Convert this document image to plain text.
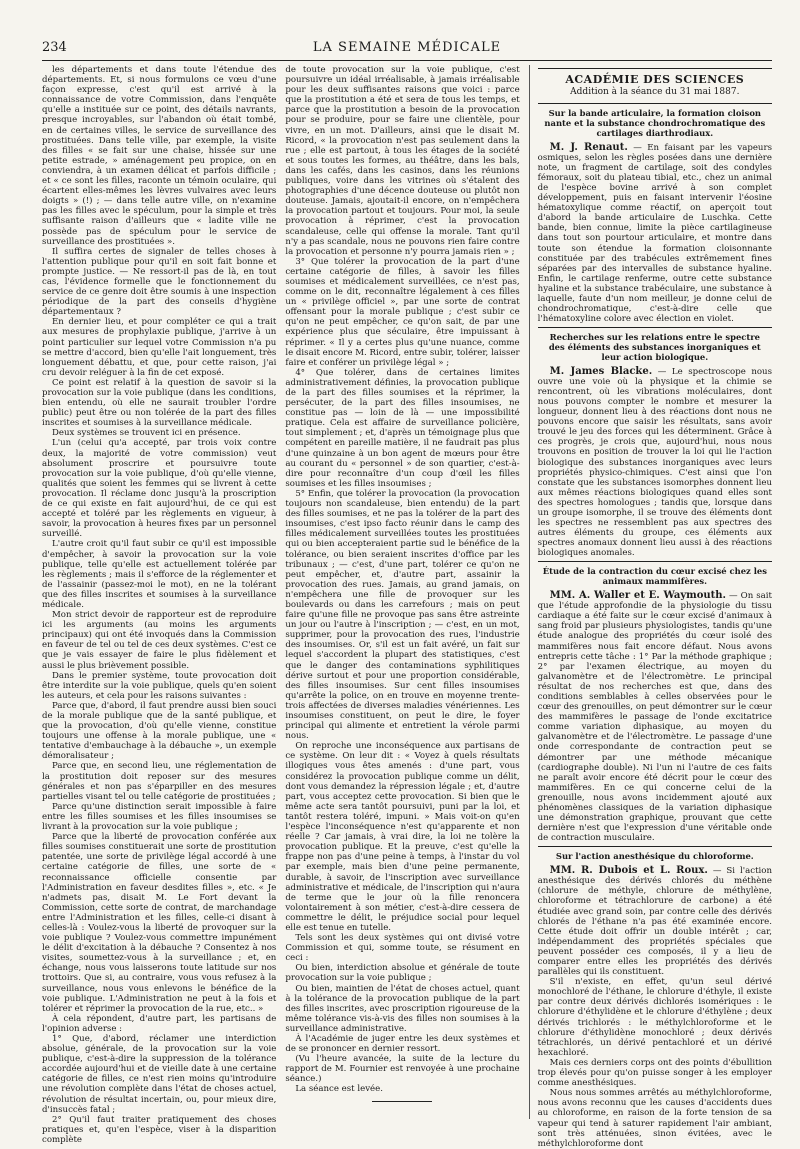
234	LA SEMAINE MÉDICALE

les départements et dans toute l'étendue des départements. Et, si nous formulons ce vœu d'une façon expresse, c'est qu'il est arrivé à la connaissance de votre Commission, dans l'enquête qu'elle a instituée sur ce point, des détails navrants, presque incroyables, sur l'abandon où était tombé, en de certaines villes, le service de surveillance des prostituées. Dans telle ville, par exemple, la visite des filles « se fait sur une chaise, hissée sur une petite estrade, » aménagement peu propice, on en conviendra, à un examen délicat et parfois difficile ; et « ce sont les filles, raconte un témoin oculaire, qui écartent elles-mêmes les lèvres vulvaires avec leurs doigts » (!) ; — dans telle autre ville, on n'examine pas les filles avec le spéculum, pour la simple et très suffisante raison d'ailleurs que « ladite ville ne possède pas de spéculum pour le service de surveillance des prostituées ».

Il suffira certes de signaler de telles choses à l'attention publique pour qu'il en soit fait bonne et prompte justice. — Ne ressort-il pas de là, en tout cas, l'évidence formelle que le fonctionnement du service de ce genre doit être soumis à une inspection périodique de la part des conseils d'hygiène départementaux ?

En dernier lieu, et pour compléter ce qui a trait aux mesures de prophylaxie publique, j'arrive à un point particulier sur lequel votre Commission n'a pu se mettre d'accord, bien qu'elle l'ait longuement, très longuement débattu, et que, pour cette raison, j'ai cru devoir reléguer à la fin de cet exposé.

Ce point est relatif à la question de savoir si la provocation sur la voie publique (dans les conditions, bien entendu, où elle ne saurait troubler l'ordre public) peut être ou non tolérée de la part des filles inscrites et soumises à la surveillance médicale.

Deux systèmes se trouvent ici en présence.

L'un (celui qu'a accepté, par trois voix contre deux, la majorité de votre commission) veut absolument proscrire et poursuivre toute provocation sur la voie publique, d'où qu'elle vienne, qualités que soient les femmes qui se livrent à cette provocation. Il réclame donc jusqu'à la proscription de ce qui existe en fait aujourd'hui, de ce qui est accepté et toléré par les règlements en vigueur, à savoir, la provocation à heures fixes par un personnel surveillé.

L'autre croit qu'il faut subir ce qu'il est impossible d'empêcher, à savoir la provocation sur la voie publique, telle qu'elle est actuellement tolérée par les règlements ; mais il s'efforce de la réglementer et de l'assainir (passez-moi le mot), en ne la tolérant que des filles inscrites et soumises à la surveillance médicale.

Mon strict devoir de rapporteur est de reproduire ici les arguments (au moins les arguments principaux) qui ont été invoqués dans la Commission en faveur de tel ou tel de ces deux systèmes. C'est ce que je vais essayer de faire le plus fidèlement et aussi le plus brièvement possible.

Dans le premier système, toute provocation doit être interdite sur la voie publique, quels qu'en soient les auteurs, et cela pour les raisons suivantes :

Parce que, d'abord, il faut prendre aussi bien souci de la morale publique que de la santé publique, et que la provocation, d'où qu'elle vienne, constitue toujours une offense à la morale publique, une « tentative d'embauchage à la débauche », un exemple démoralisateur ;

Parce que, en second lieu, une réglementation de la prostitution doit reposer sur des mesures générales et non pas s'éparpiller en des mesures partielles visant tel ou telle catégorie de prostituées ;

Parce qu'une distinction serait impossible à faire entre les filles soumises et les filles insoumises se livrant à la provocation sur la voie publique ;

Parce que la liberté de provocation conférée aux filles soumises constituerait une sorte de prostitution patentée, une sorte de privilège légal accordé à une certaine catégorie de filles, une sorte de « reconnaissance officielle consentie par l'Administration en faveur desdites filles », etc. « Je n'admets pas, disait M. Le Fort devant la Commission, cette sorte de contrat, de marchandage entre l'Administration et les filles, celle-ci disant à celles-là : Voulez-vous la liberté de provoquer sur la voie publique ? Voulez-vous commettre impunément le délit d'excitation à la débauche ? Consentez à nos visites, soumettez-vous à la surveillance ; et, en échange, nous vous laisserons toute latitude sur nos trottoirs. Que si, au contraire, vous vous refusez à la surveillance, nous vous enlevons le bénéfice de la voie publique. L'Administration ne peut à la fois et tolérer et réprimer la provocation de la rue, etc.. »

À cela répondent, d'autre part, les partisans de l'opinion adverse :

1° Que, d'abord, réclamer une interdiction absolue, générale, de la provocation sur la voie publique, c'est-à-dire la suppression de la tolérance accordée aujourd'hui et de vieille date à une certaine catégorie de filles, ce n'est rien moins qu'introduire une révolution complète dans l'état de choses actuel, révolution de résultat incertain, ou, pour mieux dire, d'insuccès fatal ;

2° Qu'il faut traiter pratiquement des choses pratiques et, qu'en l'espèce, viser à la disparition complète

de toute provocation sur la voie publique, c'est poursuivre un idéal irréalisable, à jamais irréalisable pour les deux suffisantes raisons que voici : parce que la prostitution a été et sera de tous les temps, et parce que la prostitution a besoin de la provocation pour se produire, pour se faire une clientèle, pour vivre, en un mot. D'ailleurs, ainsi que le disait M. Ricord, « la provocation n'est pas seulement dans la rue ; elle est partout, à tous les étages de la société et sous toutes les formes, au théâtre, dans les bals, dans les cafés, dans les casinos, dans les réunions publiques, voire dans les vitrines où s'étalent des photographies d'une décence douteuse ou plutôt non douteuse. Jamais, ajoutait-il encore, on n'empêchera la provocation partout et toujours. Pour moi, la seule provocation à réprimer, c'est la provocation scandaleuse, celle qui offense la morale. Tant qu'il n'y a pas scandale, nous ne pouvons rien faire contre la provocation et personne n'y pourra jamais rien » ;

3° Que tolérer la provocation de la part d'une certaine catégorie de filles, à savoir les filles soumises et médicalement surveillées, ce n'est pas, comme on le dit, reconnaître légalement à ces filles un « privilège officiel », par une sorte de contrat offensant pour la morale publique ; c'est subir ce qu'on ne peut empêcher, ce qu'on sait, de par une expérience plus que séculaire, être impuissant à réprimer. « Il y a certes plus qu'une nuance, comme le disait encore M. Ricord, entre subir, tolérer, laisser faire et conférer un privilège légal » ;

4° Que tolérer, dans de certaines limites administrativement définies, la provocation publique de la part des filles soumises et la réprimer, la persécuter, de la part des filles insoumises, ne constitue pas — loin de là — une impossibilité pratique. Cela est affaire de surveillance policière, tout simplement ; et, d'après un témoignage plus que compétent en pareille matière, il ne faudrait pas plus d'une quinzaine à un bon agent de mœurs pour être au courant du « personnel » de son quartier, c'est-à-dire pour reconnaître d'un coup d'œil les filles soumises et les filles insoumises ;

5° Enfin, que tolérer la provocation (la provocation toujours non scandaleuse, bien entendu) de la part des filles soumises, et ne pas la tolérer de la part des insoumises, c'est ipso facto réunir dans le camp des filles médicalement surveillées toutes les prostituées qui ou bien accepteraient partie sud le bénéfice de la tolérance, ou bien seraient inscrites d'office par les tribunaux ; — c'est, d'une part, tolérer ce qu'on ne peut empêcher, et, d'autre part, assainir la provocation des rues. Jamais, au grand jamais, on n'empêchera une fille de provoquer sur les boulevards ou dans les carrefours ; mais on peut faire qu'une fille ne provoque pas sans être astreinte un jour ou l'autre à l'inscription ; — c'est, en un mot, supprimer, pour la provocation des rues, l'industrie des insoumises. Or, s'il est un fait avéré, un fait sur lequel s'accordent la plupart des statistiques, c'est que le danger des contaminations syphilitiques dérive surtout et pour une proportion considérable, des filles insoumises. Sur cent filles insoumises qu'arrête la police, on en trouve en moyenne trente-trois affectées de diverses maladies vénériennes. Les insoumises constituent, on peut le dire, le foyer principal qui alimente et entretient la vérole parmi nous.

On reproche une inconséquence aux partisans de ce système. On leur dit : « Voyez à quels résultats illogiques vous êtes amenés : d'une part, vous considérez la provocation publique comme un délit, dont vous demandez la répression légale ; et, d'autre part, vous acceptez cette provocation. Si bien que le même acte sera tantôt poursuivi, puni par la loi, et tantôt resterа toléré, impuni. » Mais voit-on qu'en l'espèce l'inconséquence n'est qu'apparente et non réelle ? Car jamais, à vrai dire, la loi ne tolère la provocation publique. Et la preuve, c'est qu'elle la frappe non pas d'une peine à temps, à l'instar du vol par exemple, mais bien d'une peine permanente, durable, à savoir, de l'inscription avec surveillance administrative et médicale, de l'inscription qui n'aura de terme que le jour où la fille renoncera volontairement à son métier, c'est-à-dire cessera de commettre le délit, le préjudice social pour lequel elle est tenue en tutelle.

Tels sont les deux systèmes qui ont divisé votre Commission et qui, somme toute, se résument en ceci :

Ou bien, interdiction absolue et générale de toute provocation sur la voie publique ;

Ou bien, maintien de l'état de choses actuel, quant à la tolérance de la provocation publique de la part des filles inscrites, avec proscription rigoureuse de la même tolérance vis-à-vis des filles non soumises à la surveillance administrative.

À l'Académie de juger entre les deux systèmes et de se prononcer en dernier ressort.

(Vu l'heure avancée, la suite de la lecture du rapport de M. Fournier est renvoyée à une prochaine séance.)

La séance est levée.

ACADÉMIE DES SCIENCES
Addition à la séance du 31 mai 1887.
Sur la bande articulaire, la formation cloison nante et la substance chondrochromatique des cartilages diarthrodiaux.

M. J. Renaut. — En faisant par les vapeurs osmiques, selon les règles posées dans une dernière note, un fragment de cartilage, soit des condyles fémoraux, soit du plateau tibial, etc., chez un animal de l'espèce bovine arrivé à son complet développement, puis en faisant intervenir l'éosine hématoxylique comme réactif, on aperçoit tout d'abord la bande articulaire de Luschka. Cette bande, bien connue, limite la pièce cartilagineuse dans tout son pourtour articulaire, et montre dans toute son étendue la formation cloisonnante constituée par des trabécules extrêmement fines séparées par des intervalles de substance hyaline. Enfin, le cartilage renferme, outre cette substance hyaline et la substance trabéculaire, une substance à laquelle, faute d'un nom meilleur, je donne celui de chondrochromatique, c'est-à-dire celle que l'hématoxyline colore avec élection en violet.

Recherches sur les relations entre le spectre des éléments des substances inorganiques et leur action biologique.

M. James Blacke. — Le spectroscope nous ouvre une voie où la physique et la chimie se rencontrent, où les vibrations moléculaires, dont nous pouvons compter le nombre et mesurer la longueur, donnent lieu à des réactions dont nous ne pouvons encore que saisir les résultats, sans avoir trouvé le jeu des forces qui les déterminent. Grâce à ces progrès, je crois que, aujourd'hui, nous nous trouvons en position de trouver la loi qui lie l'action biologique des substances inorganiques avec leurs propriétés physico-chimiques. C'est ainsi que l'on constate que les substances isomorphes donnent lieu aux mêmes réactions biologiques quand elles sont des spectres homologues ; tandis que, lorsque dans un groupe isomorphe, il se trouve des éléments dont les spectres ne ressemblent pas aux spectres des autres éléments du groupe, ces éléments aux spectres anomaux donnent lieu aussi à des réactions biologiques anomales.

Étude de la contraction du cœur excisé chez les animaux mammifères.

MM. A. Waller et E. Waymouth. — On sait que l'étude approfondie de la physiologie du tissu cardiaque a été faite sur le cœur excisé d'animaux à sang froid par plusieurs physiologistes, tandis qu'une étude analogue des propriétés du cœur isolé des mammifères nous fait encore défaut. Nous avons entrepris cette tâche : 1° Par la méthode graphique ; 2° par l'examen électrique, au moyen du galvanomètre et de l'électromètre. Le principal résultat de nos recherches est que, dans des conditions semblables à celles observées pour le cœur des grenouilles, on peut démontrer sur le cœur des mammifères le passage de l'onde excitatrice comme variation diphasique, au moyen du galvanomètre et de l'électromètre. Le passage d'une onde correspondante de contraction peut se démontrer par une méthode mécanique (cardiographe double). Ni l'un ni l'autre de ces faits ne paraît avoir encore été décrit pour le cœur des mammifères. En ce qui concerne celui de la grenouille, nous avons incidemment ajouté aux phénomènes classiques de la variation diphasique une démonstration graphique, prouvant que cette dernière n'est que l'expression d'une véritable onde de contraction musculaire.

Sur l'action anesthésique du chloroforme.

MM. R. Dubois et L. Roux. — Si l'action anesthésique des dérivés chlorés du méthène (chlorure de méthyle, chlorure de méthylène, chloroforme et tétrachlorure de carbone) a été étudiée avec grand soin, par contre celle des dérivés chlorés de l'éthane n'a pas été examinée encore. Cette étude doit offrir un double intérêt ; car, indépendamment des propriétés spéciales que peuvent posséder ces composés, il y a lieu de comparer entre elles les propriétés des dérivés parallèles qui ils constituent.

S'il n'existe, en effet, qu'un seul dérivé monochloré de l'éthane, le chlorure d'éthyle, il existe par contre deux dérivés dichlorés isomériques : le chlorure d'éthylidène et le chlorure d'éthylène ; deux dérivés trichlorés : le méthylchloroforme et le chlorure d'éthylidène monochloré ; deux dérivés tétrachlorés, un dérivé pentachloré et un dérivé hexachloré.

Mais ces derniers corps ont des points d'ébullition trop élevés pour qu'on puisse songer à les employer comme anesthésiques.

Nous nous sommes arrêtés au méthylchloroforme, nous avons reconnu que les causes d'accidents dues au chloroforme, en raison de la forte tension de sa vapeur qui tend à saturer rapidement l'air ambiant, sont très atténuées, sinon évitées, avec le méthylchloroforme dont
